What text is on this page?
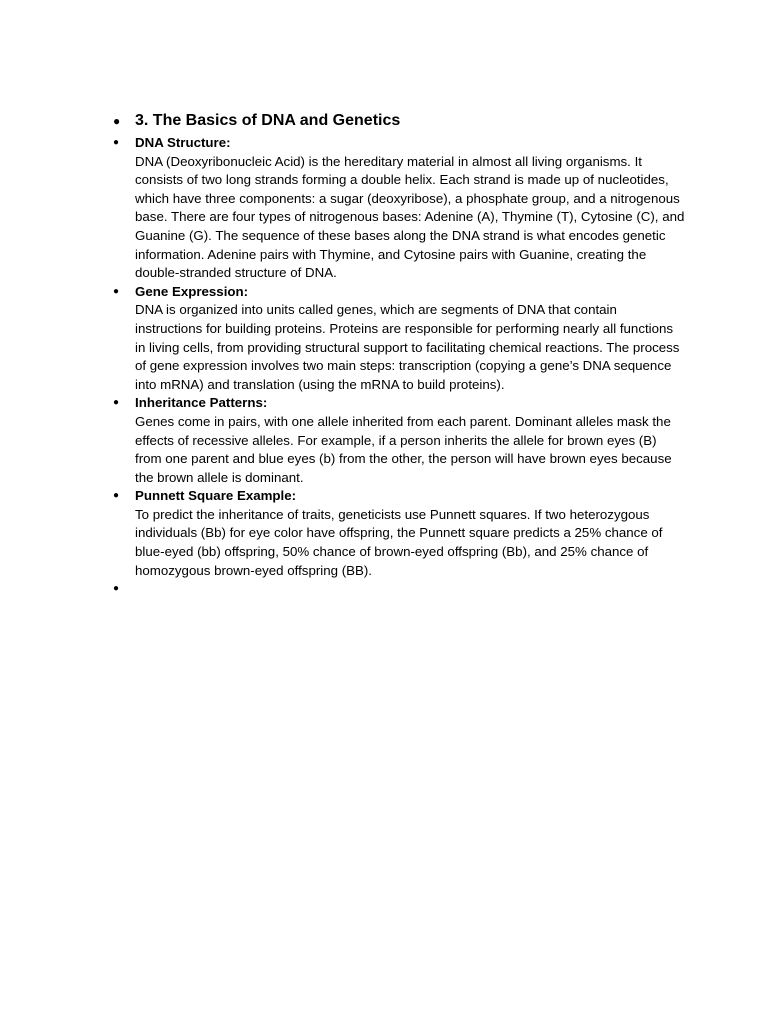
● 3. The Basics of DNA and Genetics
● DNA Structure:
DNA (Deoxyribonucleic Acid) is the hereditary material in almost all living organisms. It consists of two long strands forming a double helix. Each strand is made up of nucleotides, which have three components: a sugar (deoxyribose), a phosphate group, and a nitrogenous base. There are four types of nitrogenous bases: Adenine (A), Thymine (T), Cytosine (C), and Guanine (G). The sequence of these bases along the DNA strand is what encodes genetic information. Adenine pairs with Thymine, and Cytosine pairs with Guanine, creating the double-stranded structure of DNA.
● Gene Expression:
DNA is organized into units called genes, which are segments of DNA that contain instructions for building proteins. Proteins are responsible for performing nearly all functions in living cells, from providing structural support to facilitating chemical reactions. The process of gene expression involves two main steps: transcription (copying a gene’s DNA sequence into mRNA) and translation (using the mRNA to build proteins).
● Inheritance Patterns:
Genes come in pairs, with one allele inherited from each parent. Dominant alleles mask the effects of recessive alleles. For example, if a person inherits the allele for brown eyes (B) from one parent and blue eyes (b) from the other, the person will have brown eyes because the brown allele is dominant.
● Punnett Square Example:
To predict the inheritance of traits, geneticists use Punnett squares. If two heterozygous individuals (Bb) for eye color have offspring, the Punnett square predicts a 25% chance of blue-eyed (bb) offspring, 50% chance of brown-eyed offspring (Bb), and 25% chance of homozygous brown-eyed offspring (BB).
●
